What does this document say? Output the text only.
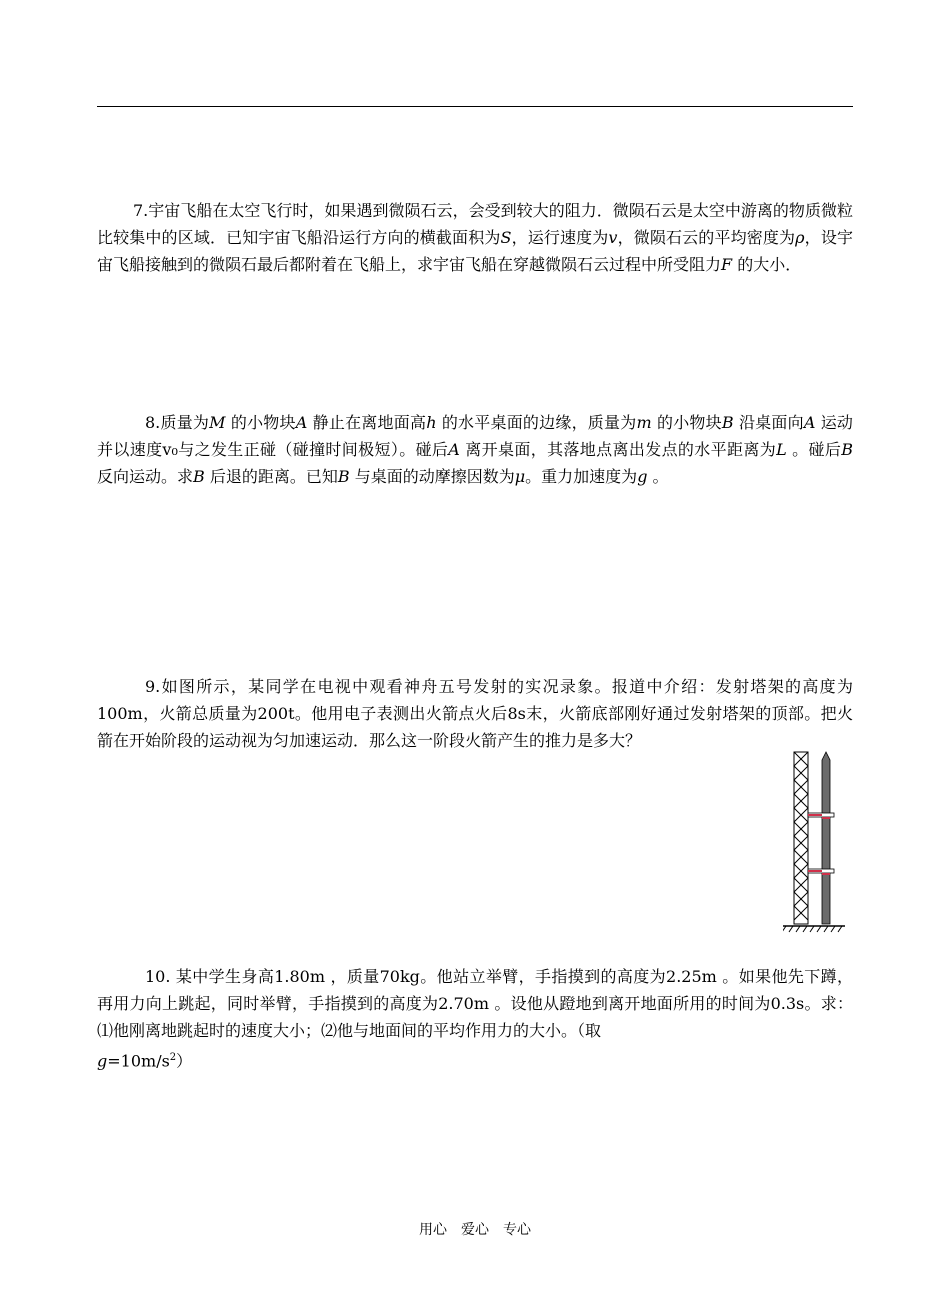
7.宇宙飞船在太空飞行时，如果遇到微陨石云，会受到较大的阻力．微陨石云是太空中游离的物质微粒比较集中的区域．已知宇宙飞船沿运行方向的横截面积为S，运行速度为v，微陨石云的平均密度为ρ，设宇宙飞船接触到的微陨石最后都附着在飞船上，求宇宙飞船在穿越微陨石云过程中所受阻力F 的大小．

8.质量为M 的小物块A 静止在离地面高h 的水平桌面的边缘，质量为m 的小物块B 沿桌面向A 运动并以速度v₀与之发生正碰（碰撞时间极短）。碰后A 离开桌面，其落地点离出发点的水平距离为L 。碰后B 反向运动。求B 后退的距离。已知B 与桌面的动摩擦因数为μ。重力加速度为g 。

9.如图所示，某同学在电视中观看神舟五号发射的实况录象。报道中介绍：发射塔架的高度为100m，火箭总质量为200t。他用电子表测出火箭点火后8s末，火箭底部刚好通过发射塔架的顶部。把火箭在开始阶段的运动视为匀加速运动．那么这一阶段火箭产生的推力是多大？

10. 某中学生身高1.80m ，质量70kg。他站立举臂，手指摸到的高度为2.25m 。如果他先下蹲，再用力向上跳起，同时举臂，手指摸到的高度为2.70m 。设他从蹬地到离开地面所用的时间为0.3s。求：⑴他刚离地跳起时的速度大小；⑵他与地面间的平均作用力的大小。（取
$g=10m/s^2$）

用心　爱心　专心
